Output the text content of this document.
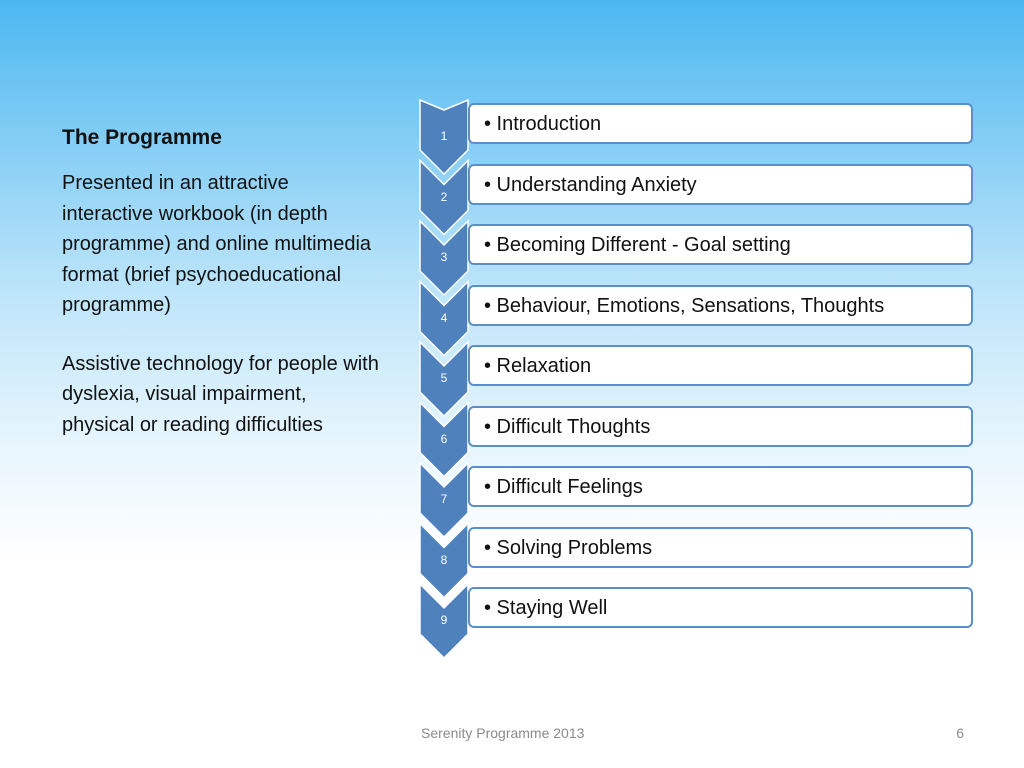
The Programme
Presented in an attractive interactive workbook (in depth programme) and online multimedia format (brief psychoeducational programme)
Assistive technology for people with dyslexia, visual impairment, physical or reading difficulties
1
• Introduction
2
• Understanding Anxiety
3
• Becoming Different - Goal setting
4
• Behaviour, Emotions, Sensations, Thoughts
5
• Relaxation
6
• Difficult Thoughts
7
• Difficult Feelings
8
• Solving Problems
9
• Staying Well
Serenity Programme 2013	6
